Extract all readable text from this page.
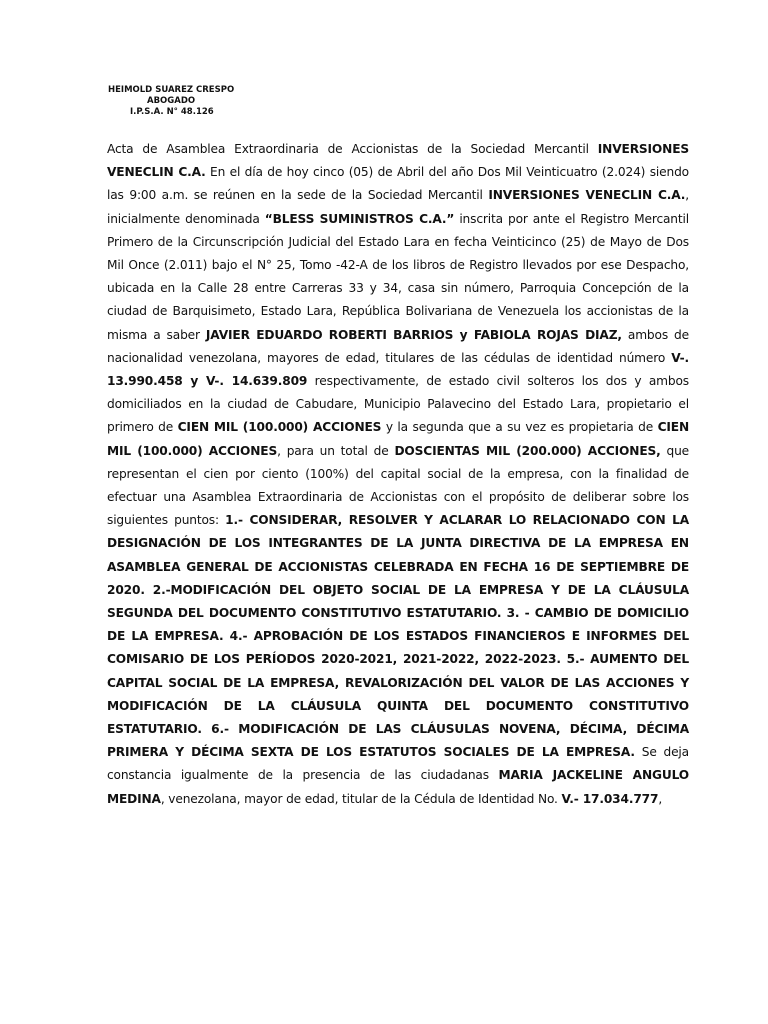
HEIMOLD SUAREZ CRESPO
ABOGADO
I.P.S.A. N° 48.126
Acta de Asamblea Extraordinaria de Accionistas de la Sociedad Mercantil INVERSIONES VENECLIN C.A. En el día de hoy cinco (05) de Abril del año Dos Mil Veinticuatro (2.024) siendo las 9:00 a.m. se reúnen en la sede de la Sociedad Mercantil INVERSIONES VENECLIN C.A., inicialmente denominada “BLESS SUMINISTROS C.A.” inscrita por ante el Registro Mercantil Primero de la Circunscripción Judicial del Estado Lara en fecha Veinticinco (25) de Mayo de Dos Mil Once (2.011) bajo el N° 25, Tomo -42-A de los libros de Registro llevados por ese Despacho, ubicada en la Calle 28 entre Carreras 33 y 34, casa sin número, Parroquia Concepción de la ciudad de Barquisimeto, Estado Lara, República Bolivariana de Venezuela los accionistas de la misma a saber JAVIER EDUARDO ROBERTI BARRIOS y FABIOLA ROJAS DIAZ, ambos de nacionalidad venezolana, mayores de edad, titulares de las cédulas de identidad número V-. 13.990.458 y V-. 14.639.809 respectivamente, de estado civil solteros los dos y ambos domiciliados en la ciudad de Cabudare, Municipio Palavecino del Estado Lara, propietario el primero de CIEN MIL (100.000) ACCIONES y la segunda que a su vez es propietaria de CIEN MIL (100.000) ACCIONES, para un total de DOSCIENTAS MIL (200.000) ACCIONES, que representan el cien por ciento (100%) del capital social de la empresa, con la finalidad de efectuar una Asamblea Extraordinaria de Accionistas con el propósito de deliberar sobre los siguientes puntos: 1.- CONSIDERAR, RESOLVER Y ACLARAR LO RELACIONADO CON LA DESIGNACIÓN DE LOS INTEGRANTES DE LA JUNTA DIRECTIVA DE LA EMPRESA EN ASAMBLEA GENERAL DE ACCIONISTAS CELEBRADA EN FECHA 16 DE SEPTIEMBRE DE 2020. 2.-MODIFICACIÓN DEL OBJETO SOCIAL DE LA EMPRESA Y DE LA CLÁUSULA SEGUNDA DEL DOCUMENTO CONSTITUTIVO ESTATUTARIO. 3. - CAMBIO DE DOMICILIO DE LA EMPRESA. 4.- APROBACIÓN DE LOS ESTADOS FINANCIEROS E INFORMES DEL COMISARIO DE LOS PERÍODOS 2020-2021, 2021-2022, 2022-2023. 5.- AUMENTO DEL CAPITAL SOCIAL DE LA EMPRESA, REVALORIZACIÓN DEL VALOR DE LAS ACCIONES Y MODIFICACIÓN DE LA CLÁUSULA QUINTA DEL DOCUMENTO CONSTITUTIVO ESTATUTARIO. 6.- MODIFICACIÓN DE LAS CLÁUSULAS NOVENA, DÉCIMA, DÉCIMA PRIMERA Y DÉCIMA SEXTA DE LOS ESTATUTOS SOCIALES DE LA EMPRESA. Se deja constancia igualmente de la presencia de las ciudadanas MARIA JACKELINE ANGULO MEDINA, venezolana, mayor de edad, titular de la Cédula de Identidad No. V.- 17.034.777,
